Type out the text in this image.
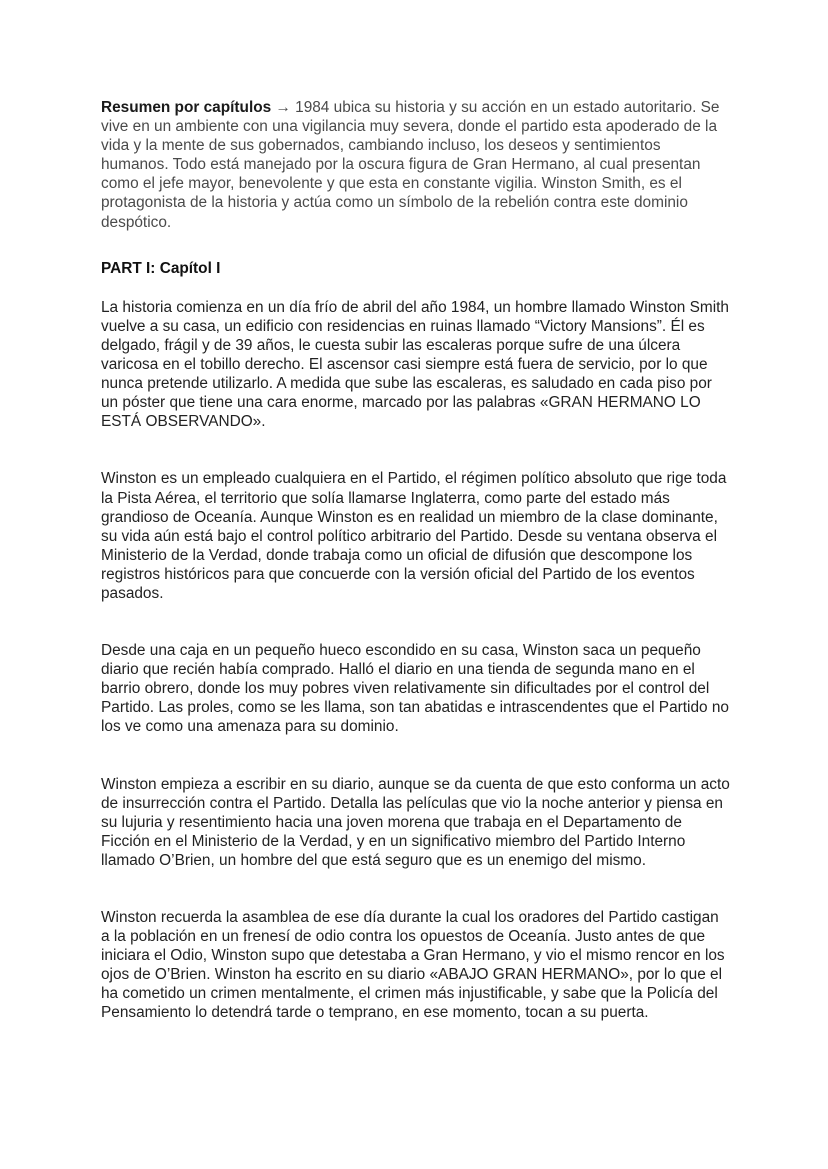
Resumen por capítulos → 1984 ubica su historia y su acción en un estado autoritario. Se vive en un ambiente con una vigilancia muy severa, donde el partido esta apoderado de la vida y la mente de sus gobernados, cambiando incluso, los deseos y sentimientos humanos. Todo está manejado por la oscura figura de Gran Hermano, al cual presentan como el jefe mayor, benevolente y que esta en constante vigilia. Winston Smith, es el protagonista de la historia y actúa como un símbolo de la rebelión contra este dominio despótico.

PART I: Capítol I

La historia comienza en un día frío de abril del año 1984, un hombre llamado Winston Smith vuelve a su casa, un edificio con residencias en ruinas llamado “Victory Mansions”. Él es delgado, frágil y de 39 años, le cuesta subir las escaleras porque sufre de una úlcera varicosa en el tobillo derecho. El ascensor casi siempre está fuera de servicio, por lo que nunca pretende utilizarlo. A medida que sube las escaleras, es saludado en cada piso por un póster que tiene una cara enorme, marcado por las palabras «GRAN HERMANO LO ESTÁ OBSERVANDO».

Winston es un empleado cualquiera en el Partido, el régimen político absoluto que rige toda la Pista Aérea, el territorio que solía llamarse Inglaterra, como parte del estado más grandioso de Oceanía. Aunque Winston es en realidad un miembro de la clase dominante, su vida aún está bajo el control político arbitrario del Partido. Desde su ventana observa el Ministerio de la Verdad, donde trabaja como un oficial de difusión que descompone los registros históricos para que concuerde con la versión oficial del Partido de los eventos pasados.

Desde una caja en un pequeño hueco escondido en su casa, Winston saca un pequeño diario que recién había comprado. Halló el diario en una tienda de segunda mano en el barrio obrero, donde los muy pobres viven relativamente sin dificultades por el control del Partido. Las proles, como se les llama, son tan abatidas e intrascendentes que el Partido no los ve como una amenaza para su dominio.

Winston empieza a escribir en su diario, aunque se da cuenta de que esto conforma un acto de insurrección contra el Partido. Detalla las películas que vio la noche anterior y piensa en su lujuria y resentimiento hacia una joven morena que trabaja en el Departamento de Ficción en el Ministerio de la Verdad, y en un significativo miembro del Partido Interno llamado O’Brien, un hombre del que está seguro que es un enemigo del mismo.

Winston recuerda la asamblea de ese día durante la cual los oradores del Partido castigan a la población en un frenesí de odio contra los opuestos de Oceanía. Justo antes de que iniciara el Odio, Winston supo que detestaba a Gran Hermano, y vio el mismo rencor en los ojos de O’Brien. Winston ha escrito en su diario «ABAJO GRAN HERMANO», por lo que el ha cometido un crimen mentalmente, el crimen más injustificable, y sabe que la Policía del Pensamiento lo detendrá tarde o temprano, en ese momento, tocan a su puerta.
